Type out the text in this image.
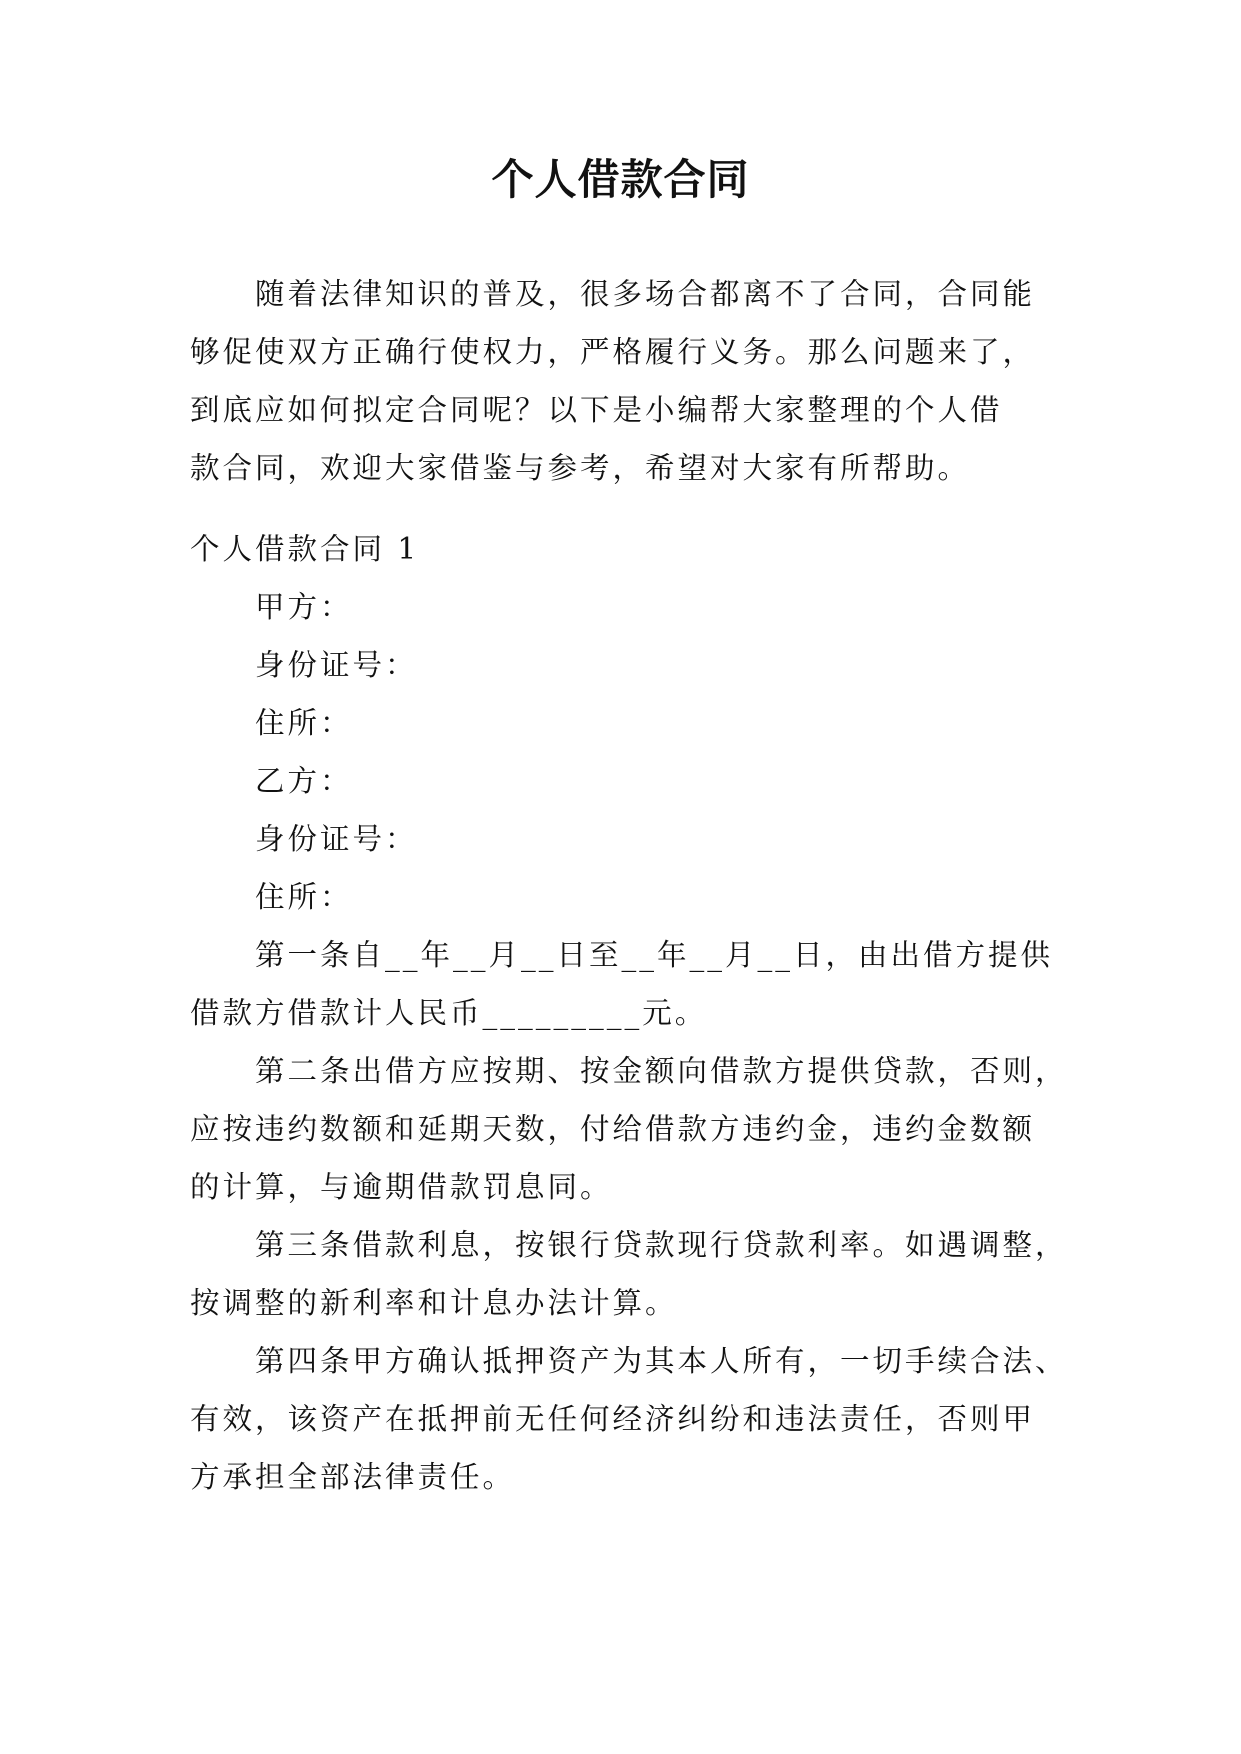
个人借款合同
随着法律知识的普及，很多场合都离不了合同，合同能
够促使双方正确行使权力，严格履行义务。那么问题来了，
到底应如何拟定合同呢？以下是小编帮大家整理的个人借
款合同，欢迎大家借鉴与参考，希望对大家有所帮助。
个人借款合同 1
甲方：
身份证号：
住所：
乙方：
身份证号：
住所：
第一条自__年__月__日至__年__月__日，由出借方提供
借款方借款计人民币_________元。
第二条出借方应按期、按金额向借款方提供贷款，否则，
应按违约数额和延期天数，付给借款方违约金，违约金数额
的计算，与逾期借款罚息同。
第三条借款利息，按银行贷款现行贷款利率。如遇调整，
按调整的新利率和计息办法计算。
第四条甲方确认抵押资产为其本人所有，一切手续合法、
有效，该资产在抵押前无任何经济纠纷和违法责任，否则甲
方承担全部法律责任。
